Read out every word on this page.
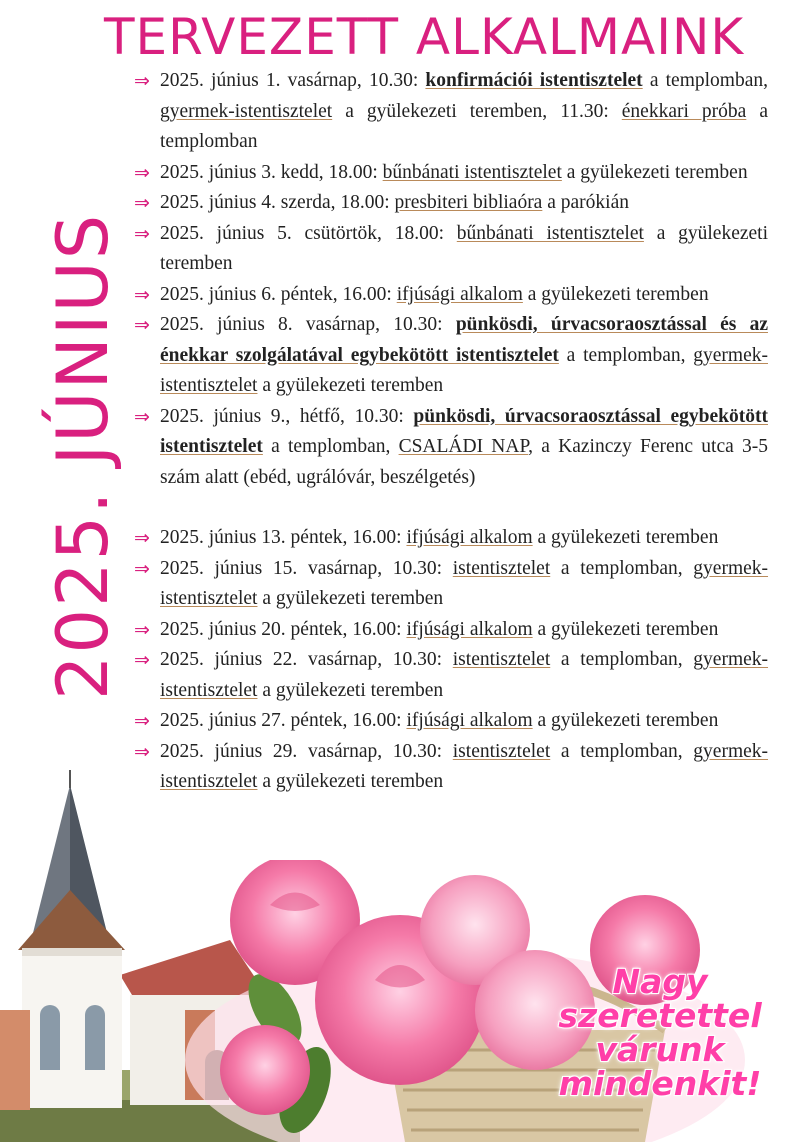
TERVEZETT ALKALMAINK
2025. JÚNIUS
⇒ 2025. június 1. vasárnap, 10.30: konfirmációi istentisztelet a templomban, gyermek-istentisztelet a gyülekezeti teremben, 11.30: énekkari próba a templomban
⇒ 2025. június 3. kedd, 18.00: bűnbánati istentisztelet a gyülekezeti teremben
⇒ 2025. június 4. szerda, 18.00: presbiteri bibliaóra a parókián
⇒ 2025. június 5. csütörtök, 18.00: bűnbánati istentisztelet a gyülekezeti teremben
⇒ 2025. június 6. péntek, 16.00: ifjúsági alkalom a gyülekezeti teremben
⇒ 2025. június 8. vasárnap, 10.30: pünkösdi, úrvacsoraosztással és az énekkar szolgálatával egybekötött istentisztelet a templomban, gyermek-istentisztelet a gyülekezeti teremben
⇒ 2025. június 9., hétfő, 10.30: pünkösdi, úrvacsoraosztással egybekötött istentisztelet a templomban, CSALÁDI NAP, a Kazinczy Ferenc utca 3-5 szám alatt (ebéd, ugrálóvár, beszélgetés)
⇒ 2025. június 13. péntek, 16.00: ifjúsági alkalom a gyülekezeti teremben
⇒ 2025. június 15. vasárnap, 10.30: istentisztelet a templomban, gyermek-istentisztelet a gyülekezeti teremben
⇒ 2025. június 20. péntek, 16.00: ifjúsági alkalom a gyülekezeti teremben
⇒ 2025. június 22. vasárnap, 10.30: istentisztelet a templomban, gyermek-istentisztelet a gyülekezeti teremben
⇒ 2025. június 27. péntek, 16.00: ifjúsági alkalom a gyülekezeti teremben
⇒ 2025. június 29. vasárnap, 10.30: istentisztelet a templomban, gyermek-istentisztelet a gyülekezeti teremben
Nagy
szeretettel
várunk
mindenkit!
